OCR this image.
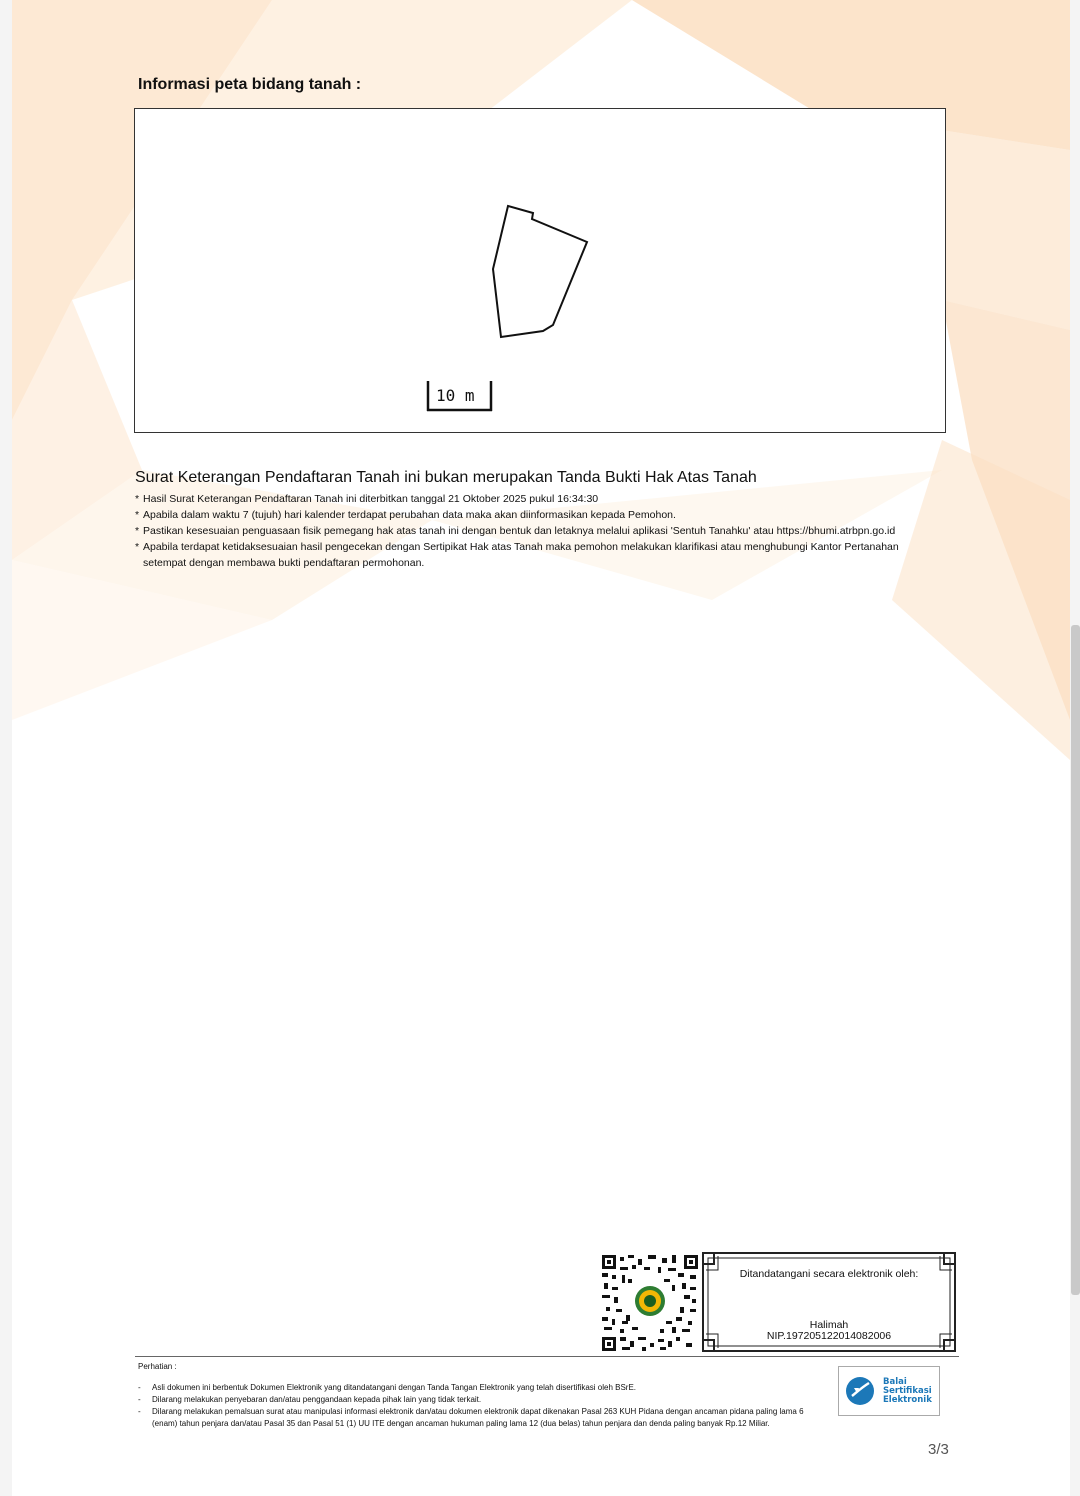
Informasi peta bidang tanah :
10 m
Surat Keterangan Pendaftaran Tanah ini bukan merupakan Tanda Bukti Hak Atas Tanah
* Hasil Surat Keterangan Pendaftaran Tanah ini diterbitkan tanggal 21 Oktober 2025 pukul 16:34:30
* Apabila dalam waktu 7 (tujuh) hari kalender terdapat perubahan data maka akan diinformasikan kepada Pemohon.
* Pastikan kesesuaian penguasaan fisik pemegang hak atas tanah ini dengan bentuk dan letaknya melalui aplikasi 'Sentuh Tanahku' atau https://bhumi.atrbpn.go.id
* Apabila terdapat ketidaksesuaian hasil pengecekan dengan Sertipikat Hak atas Tanah maka pemohon melakukan klarifikasi atau menghubungi Kantor Pertanahan setempat dengan membawa bukti pendaftaran permohonan.
Ditandatangani secara elektronik oleh:
Halimah
NIP.197205122014082006
Perhatian :
-	Asli dokumen ini berbentuk Dokumen Elektronik yang ditandatangani dengan Tanda Tangan Elektronik yang telah disertifikasi oleh BSrE.
-	Dilarang melakukan penyebaran dan/atau penggandaan kepada pihak lain yang tidak terkait.
-	Dilarang melakukan pemalsuan surat atau manipulasi informasi elektronik dan/atau dokumen elektronik dapat dikenakan Pasal 263 KUH Pidana dengan ancaman pidana paling lama 6 (enam) tahun penjara dan/atau Pasal 35 dan Pasal 51 (1) UU ITE dengan ancaman hukuman paling lama 12 (dua belas) tahun penjara dan denda paling banyak Rp.12 Miliar.
Balai
Sertifikasi
Elektronik
3/3
